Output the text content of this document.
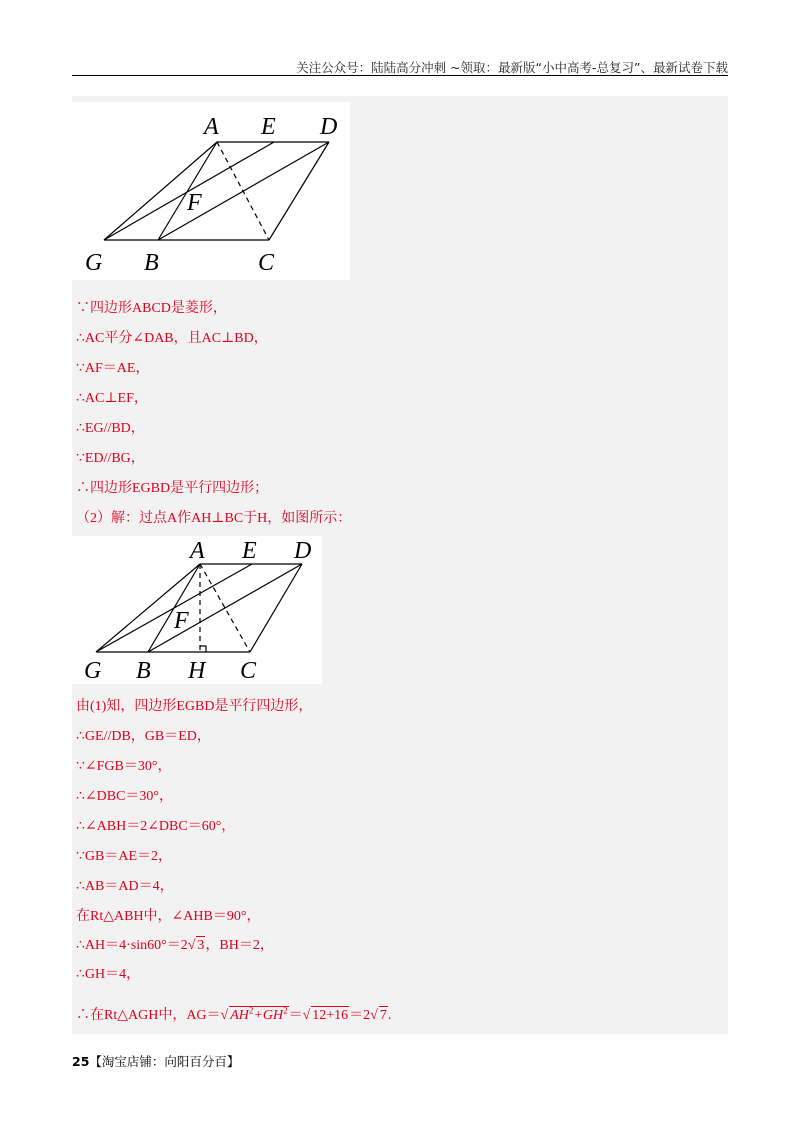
关注公众号：陆陆高分冲刺 ~领取：最新版“小中高考-总复习”、最新试卷下载
A E D
F
G B	C
∵四边形ABCD是菱形，
∴AC平分∠DAB，且AC⊥BD，
∵AF＝AE，
∴AC⊥EF，
∴EG//BD，
∵ED//BG，
∴四边形EGBD是平行四边形；
（2）解：过点A作AH⊥BC于H，如图所示：
A E D
F
G B H C
由(1)知，四边形EGBD是平行四边形，
∴GE//DB，GB＝ED，
∵∠FGB＝30°，
∴∠DBC＝30°，
∴∠ABH＝2∠DBC＝60°，
∵GB＝AE＝2，
∴AB＝AD＝4，
在Rt△ABH中，∠AHB＝90°，
∴AH＝4·sin60°＝2√ 3，BH＝2，
∴GH＝4，
∴在Rt△AGH中，AG＝√ $AH^2+GH^2=√$ 12+16＝2√ 7.
25【淘宝店铺：向阳百分百】
